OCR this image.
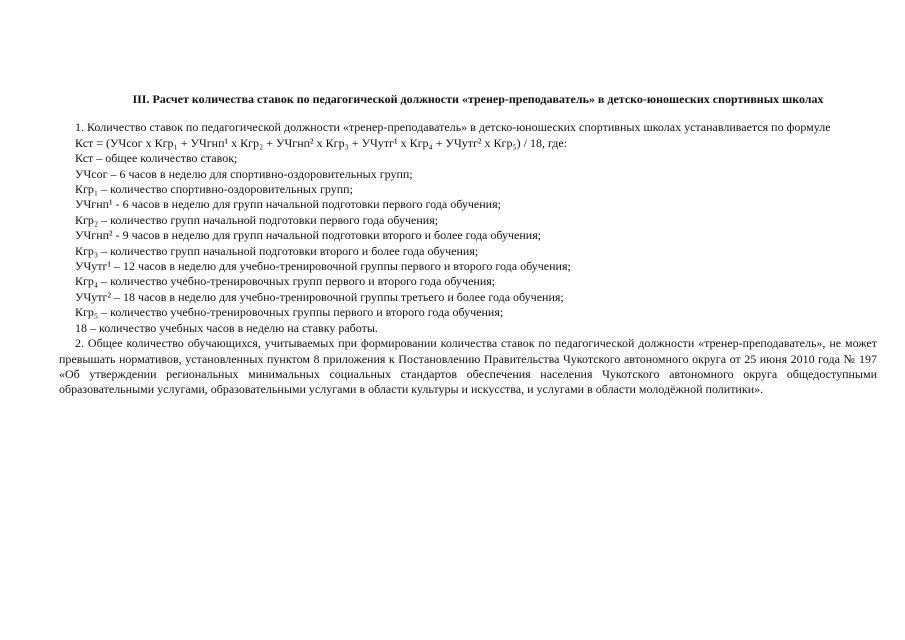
III. Расчет количества ставок по педагогической должности «тренер-преподаватель» в детско-юношеских спортивных школах

1. Количество ставок по педагогической должности «тренер-преподаватель» в детско-юношеских спортивных школах устанавливается по формуле

Кст = (УЧсог х Кгр₁ + УЧгнп¹ х Кгр₂ + УЧгнп² х Кгр₃ + УЧутг¹ х Кгр₄ + УЧутг² х Кгр₅) / 18, где:

Кст – общее количество ставок;

УЧсог – 6 часов в неделю для спортивно-оздоровительных групп;

Кгр₁ – количество спортивно-оздоровительных групп;

УЧгнп¹ - 6 часов в неделю для групп начальной подготовки первого года обучения;

Кгр₂ – количество групп начальной подготовки первого года обучения;

УЧгнп² - 9 часов в неделю для групп начальной подготовки второго и более года обучения;

Кгр₃ – количество групп начальной подготовки второго и более года обучения;

УЧутг¹ – 12 часов в неделю для учебно-тренировочной группы первого и второго года обучения;

Кгр₄ – количество учебно-тренировочных групп первого и второго года обучения;

УЧутг² – 18 часов в неделю для учебно-тренировочной группы третьего и более года обучения;

Кгр₅ – количество учебно-тренировочных группы первого и второго года обучения;

18 – количество учебных часов в неделю на ставку работы.

2. Общее количество обучающихся, учитываемых при формировании количества ставок по педагогической должности «тренер-преподаватель», не может превышать нормативов, установленных пунктом 8 приложения к Постановлению Правительства Чукотского автономного округа от 25 июня 2010 года № 197 «Об утверждении региональных минимальных социальных стандартов обеспечения населения Чукотского автономного округа общедоступными образовательными услугами, образовательными услугами в области культуры и искусства, и услугами в области молодёжной политики».
